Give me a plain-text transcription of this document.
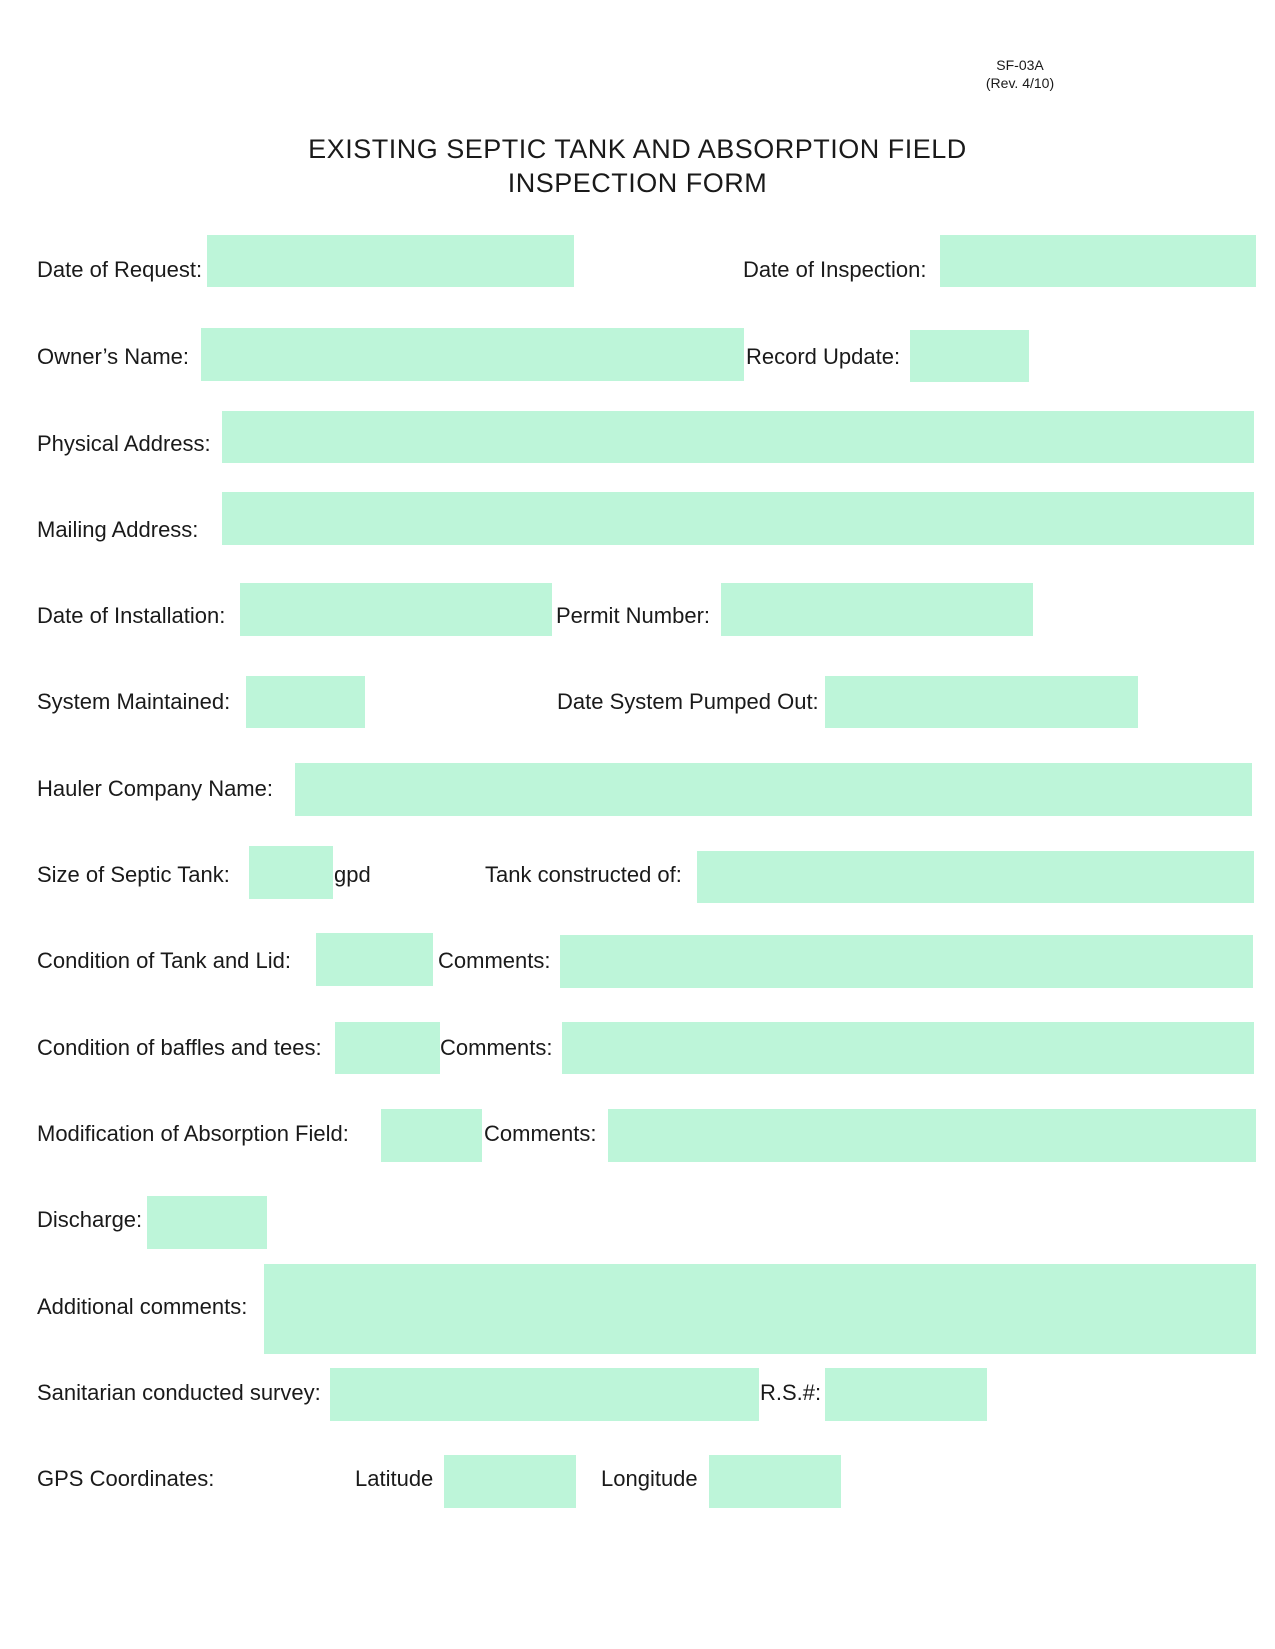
SF-03A
(Rev. 4/10)
EXISTING SEPTIC TANK AND ABSORPTION FIELD
INSPECTION FORM
Date of Request:	Date of Inspection:
Owner’s Name:	Record Update:
Physical Address:
Mailing Address:
Date of Installation:	Permit Number:
System Maintained:	Date System Pumped Out:
Hauler Company Name:
Size of Septic Tank:	gpd	Tank constructed of:
Condition of Tank and Lid:	Comments:
Condition of baffles and tees:	Comments:
Modification of Absorption Field:	Comments:
Discharge:
Additional comments:
Sanitarian conducted survey:	R.S.#:
GPS Coordinates:	Latitude	Longitude
